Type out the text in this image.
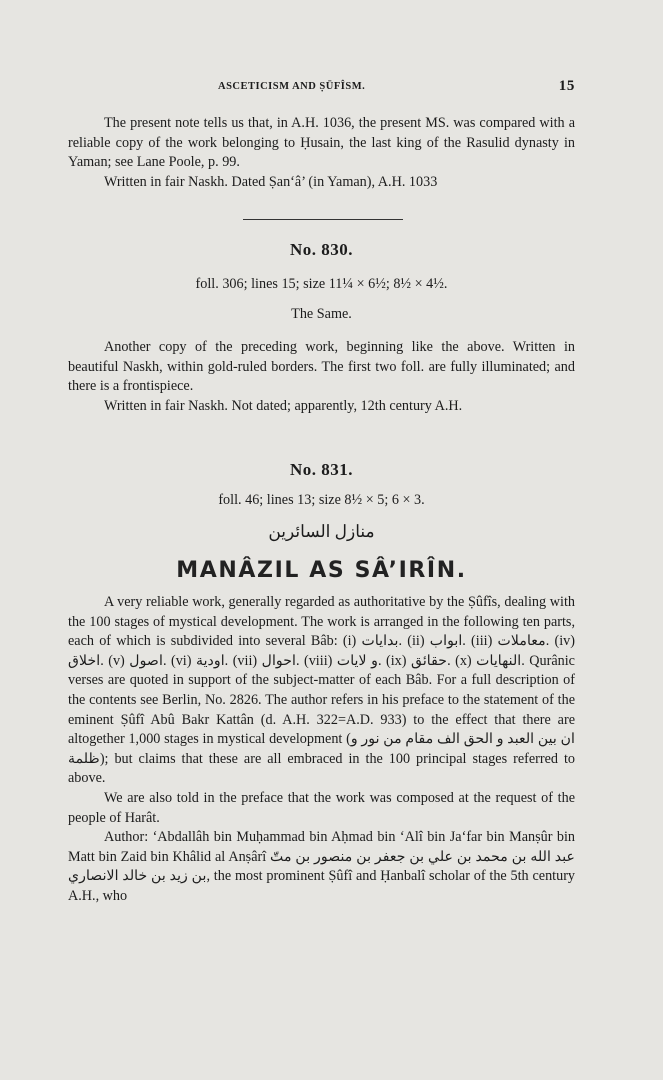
ASCETICISM AND ṢŪFÎSM.	15

The present note tells us that, in A.H. 1036, the present MS. was compared with a reliable copy of the work belonging to Ḥusain, the last king of the Rasulid dynasty in Yaman; see Lane Poole, p. 99.

Written in fair Naskh. Dated Ṣan‘â’ (in Yaman), A.H. 1033

No. 830.
foll. 306; lines 15; size 11¼ × 6½; 8½ × 4½.
The Same.

Another copy of the preceding work, beginning like the above. Written in beautiful Naskh, within gold-ruled borders. The first two foll. are fully illuminated; and there is a frontispiece.

Written in fair Naskh. Not dated; apparently, 12th century A.H.

No. 831.
foll. 46; lines 13; size 8½ × 5; 6 × 3.
منازل السائرين
MANÂZIL AS SÂ’IRÎN.

A very reliable work, generally regarded as authoritative by the Ṣûfîs, dealing with the 100 stages of mystical development. The work is arranged in the following ten parts, each of which is subdivided into several Bâb: (i) بدايات. (ii) ابواب. (iii) معاملات. (iv) اخلاق. (v) اصول. (vi) اودية. (vii) احوال. (viii) و لايات. (ix) حقائق. (x) النهايات. Qurânic verses are quoted in support of the subject-matter of each Bâb. For a full description of the contents see Berlin, No. 2826. The author refers in his preface to the statement of the eminent Ṣûfî Abû Bakr Kattân (d. A.H. 322=A.D. 933) to the effect that there are altogether 1,000 stages in mystical development (ان بين العبد و الحق الف مقام من نور و ظلمة); but claims that these are all embraced in the 100 principal stages referred to above.

We are also told in the preface that the work was composed at the request of the people of Harât.

Author: ‘Abdallâh bin Muḥammad bin Aḥmad bin ‘Alî bin Ja‘far bin Manṣûr bin Matt bin Zaid bin Khâlid al Anṣârî عبد الله بن محمد بن علي بن جعفر بن منصور بن متّ بن زيد بن خالد الانصاري, the most prominent Ṣûfî and Ḥanbalî scholar of the 5th century A.H., who
